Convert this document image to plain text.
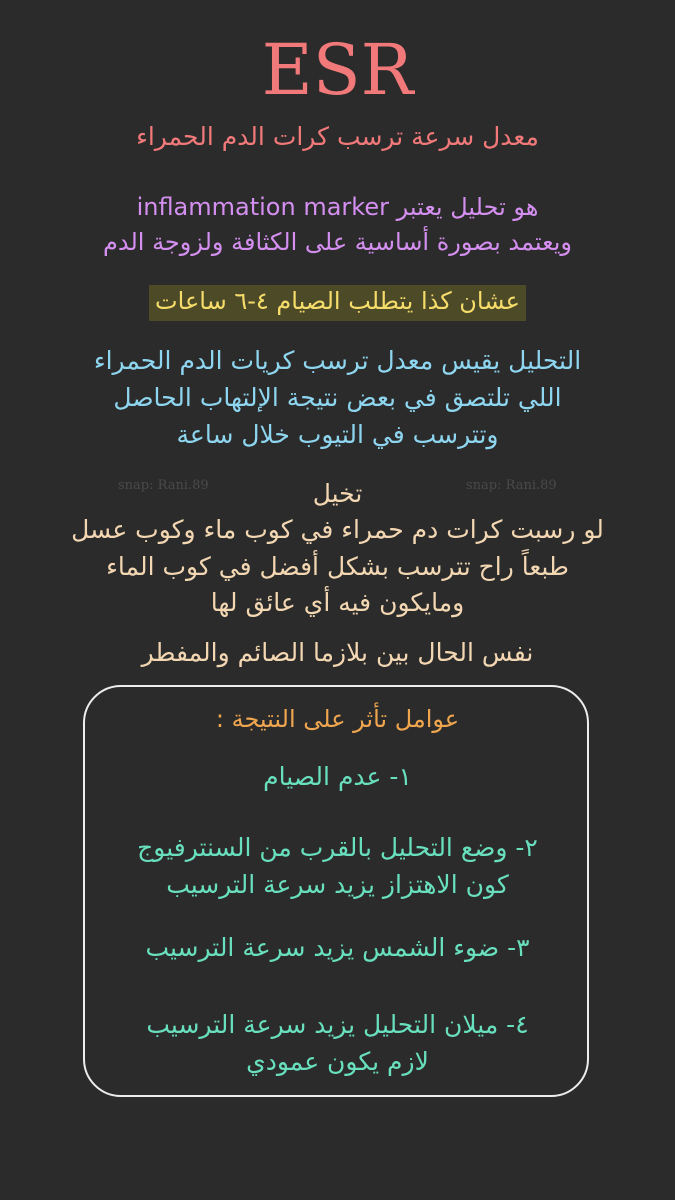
ESR

معدل سرعة ترسب كرات الدم الحمراء

هو تحليل يعتبر inflammation marker

ويعتمد بصورة أساسية على الكثافة ولزوجة الدم

عشان كذا يتطلب الصيام ٤-٦ ساعات

التحليل يقيس معدل ترسب كريات الدم الحمراء

اللي تلتصق في بعض نتيجة الإلتهاب الحاصل

وتترسب في التيوب خلال ساعة

snap: Rani.89	snap: Rani.89

تخيل

لو رسبت كرات دم حمراء في كوب ماء وكوب عسل

طبعاً راح تترسب بشكل أفضل في كوب الماء

ومايكون فيه أي عائق لها

نفس الحال بين بلازما الصائم والمفطر

عوامل تأثر على النتيجة :

١- عدم الصيام

٢- وضع التحليل بالقرب من السنترفيوج

كون الاهتزاز يزيد سرعة الترسيب

٣- ضوء الشمس يزيد سرعة الترسيب

٤- ميلان التحليل يزيد سرعة الترسيب

لازم يكون عمودي
